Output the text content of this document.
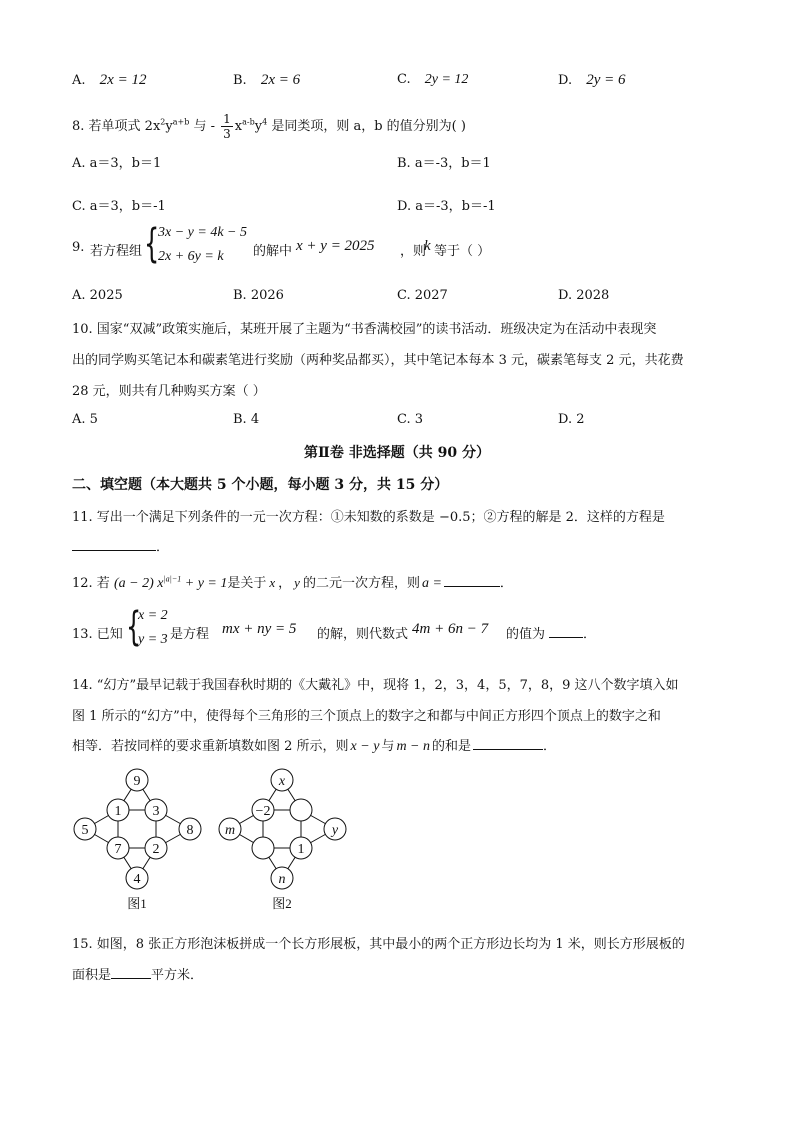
A. 2x = 12	B. 2x = 6	C. 2y = 12	D. 2y = 6
8. 若单项式 $2x^2y^{a+b}$ 与 - $\frac{1}{3} x^{a-b}y^4$ 是同类项，则 a，b 的值分别为( )
A. a＝3，b＝1	B. a＝-3，b＝1
C. a＝3，b＝-1	D. a＝-3，b＝-1
9. 若方程组 {
3x − y = 4k − 5
2x + 6y = k 的解中 x + y = 2025 ，则
k 等于（ ）
A. 2025	B. 2026	C. 2027	D. 2028
10. 国家“双减”政策实施后，某班开展了主题为“书香满校园”的读书活动．班级决定为在活动中表现突
出的同学购买笔记本和碳素笔进行奖励（两种奖品都买），其中笔记本每本 3 元，碳素笔每支 2 元，共花费
28 元，则共有几种购买方案（ ）
A. 5	B. 4	C. 3	D. 2
第Ⅱ卷 非选择题（共 90 分）
二、填空题（本大题共 5 个小题，每小题 3 分，共 15 分）
11. 写出一个满足下列条件的一元一次方程：①未知数的系数是 −0.5；②方程的解是 2．这样的方程是
．
12. 若 (a − 2) $x^{|a|-1} + y = 1$是关于 x ， y 的二元一次方程，则 a =	．
13. 已知 {
x = 2
y = 3 是方程 mx + ny = 5 的解，则代数式 4m + 6n − 7 的值为	．
14. “幻方”最早记载于我国春秋时期的《大戴礼》中，现将 1，2，3，4，5，7，8，9 这八个数字填入如
图 1 所示的“幻方”中，使得每个三角形的三个顶点上的数字之和都与中间正方形四个顶点上的数字之和
相等．若按同样的要求重新填数如图 2 所示，则 x − y 与 m − n 的和是	．
9
1 3
5	8
7 2
4
图1
x
−2
m	y
1
n
图2
15. 如图，8 张正方形泡沫板拼成一个长方形展板，其中最小的两个正方形边长均为 1 米，则长方形展板的
面积是	平方米．
